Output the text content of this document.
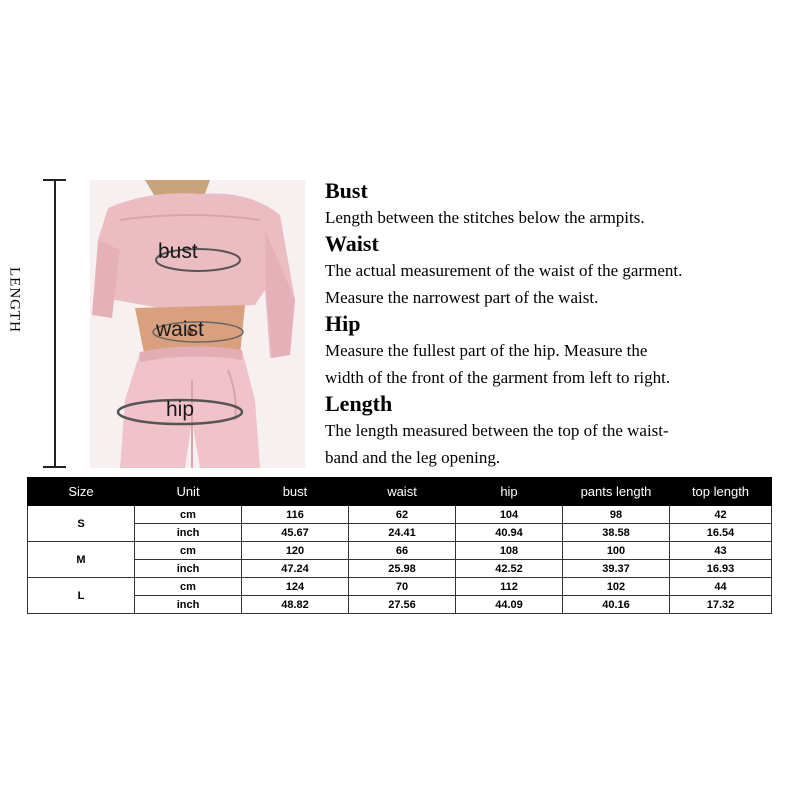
LENGTH
bust
waist
hip
Bust

Length between the stitches below the armpits.

Waist

The actual measurement of the waist of the garment.

Measure the narrowest part of the waist.

Hip

Measure the fullest part of the hip. Measure the

width of the front of the garment from left to right.

Length

The length measured between the top of the waist-

band and the leg opening.

Size	Unit	bust	waist	hip	pants length	top length
S	cm	116	62	104	98	42
	inch	45.67	24.41	40.94	38.58	16.54
M	cm	120	66	108	100	43
	inch	47.24	25.98	42.52	39.37	16.93
L	cm	124	70	112	102	44
	inch	48.82	27.56	44.09	40.16	17.32
